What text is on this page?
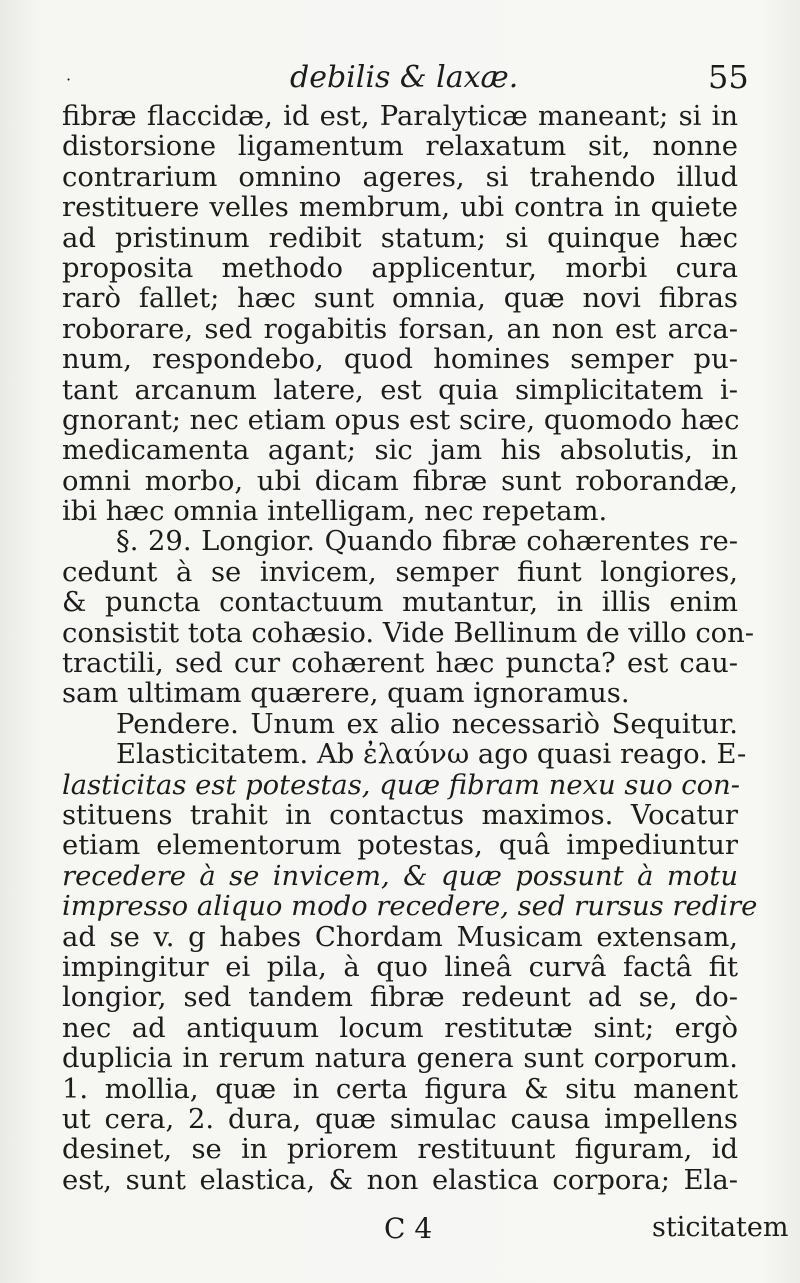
·	debilis & laxæ.	55
fibræ flaccidæ, id est, Paralyticæ maneant; si in
distorsione ligamentum relaxatum sit, nonne
contrarium omnino ageres, si trahendo illud
restituere velles membrum, ubi contra in quiete
ad pristinum redibit statum; si quinque hæc
proposita methodo applicentur, morbi cura
rarò fallet; hæc sunt omnia, quæ novi fibras
roborare, sed rogabitis forsan, an non est arca-
num, respondebo, quod homines semper pu-
tant arcanum latere, est quia simplicitatem i-
gnorant; nec etiam opus est scire, quomodo hæc
medicamenta agant; sic jam his absolutis, in
omni morbo, ubi dicam fibræ sunt roborandæ,
ibi hæc omnia intelligam, nec repetam.
§. 29. Longior. Quando fibræ cohærentes re-
cedunt à se invicem, semper fiunt longiores,
& puncta contactuum mutantur, in illis enim
consistit tota cohæsio. Vide Bellinum de villo con-
tractili, sed cur cohærent hæc puncta? est cau-
sam ultimam quærere, quam ignoramus.
Pendere. Unum ex alio necessariò Sequitur.
Elasticitatem. Ab ἐλαύνω ago quasi reago. E-
lasticitas est potestas, quæ fibram nexu suo con-
stituens trahit in contactus maximos. Vocatur
etiam elementorum potestas, quâ impediuntur
recedere à se invicem, & quæ possunt à motu
impresso aliquo modo recedere, sed rursus redire
ad se v. g habes Chordam Musicam extensam,
impingitur ei pila, à quo lineâ curvâ factâ fit
longior, sed tandem fibræ redeunt ad se, do-
nec ad antiquum locum restitutæ sint; ergò
duplicia in rerum natura genera sunt corporum.
1. mollia, quæ in certa figura & situ manent
ut cera, 2. dura, quæ simulac causa impellens
desinet, se in priorem restituunt figuram, id
est, sunt elastica, & non elastica corpora; Ela-
C 4	sticitatem
